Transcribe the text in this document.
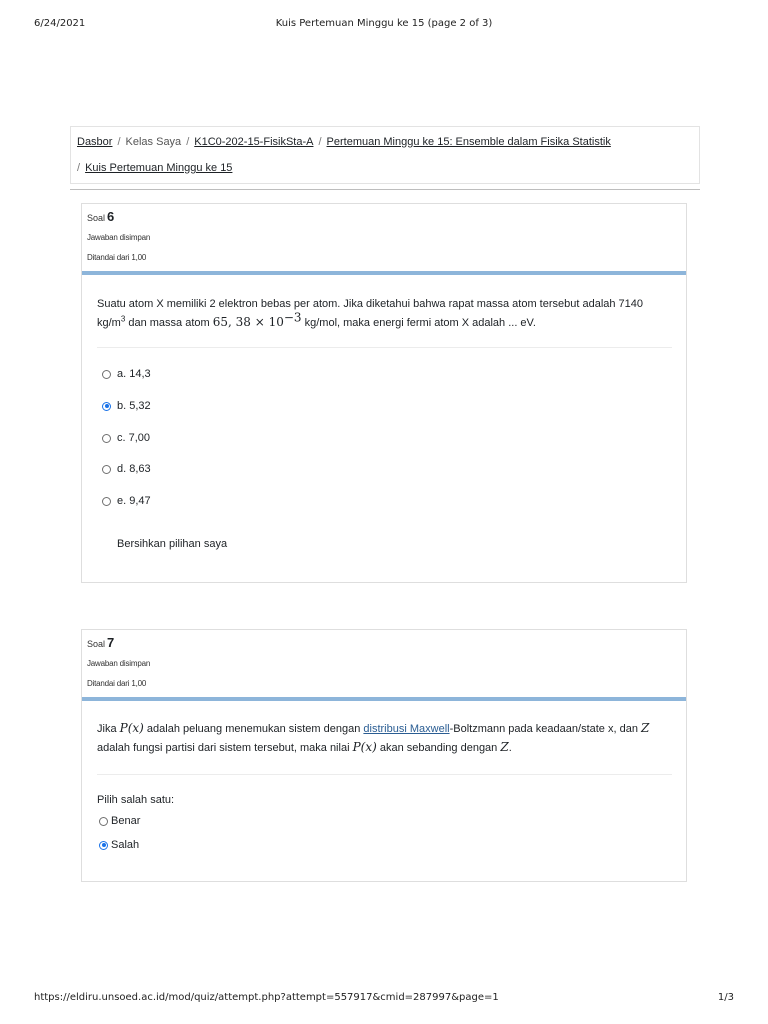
6/24/2021	Kuis Pertemuan Minggu ke 15 (page 2 of 3)
Dasbor / Kelas Saya / K1C0-202-15-FisikSta-A / Pertemuan Minggu ke 15: Ensemble dalam Fisika Statistik
/ Kuis Pertemuan Minggu ke 15
Soal 6
Jawaban disimpan
Ditandai dari 1,00
Suatu atom X memiliki 2 elektron bebas per atom. Jika diketahui bahwa rapat massa atom tersebut adalah 7140
$kg/m^3$ dan massa atom 65, $38 \times 10^{-3}$ kg/mol, maka energi fermi atom X adalah ... eV.
a. 14,3
b. 5,32
c. 7,00
d. 8,63
e. 9,47
Bersihkan pilihan saya
Soal 7
Jawaban disimpan
Ditandai dari 1,00
Jika P(x) adalah peluang menemukan sistem dengan distribusi Maxwell-Boltzmann pada keadaan/state x, dan Z
adalah fungsi partisi dari sistem tersebut, maka nilai P(x) akan sebanding dengan Z.
Pilih salah satu:
Benar
Salah
https://eldiru.unsoed.ac.id/mod/quiz/attempt.php?attempt=557917&cmid=287997&page=1	1/3
